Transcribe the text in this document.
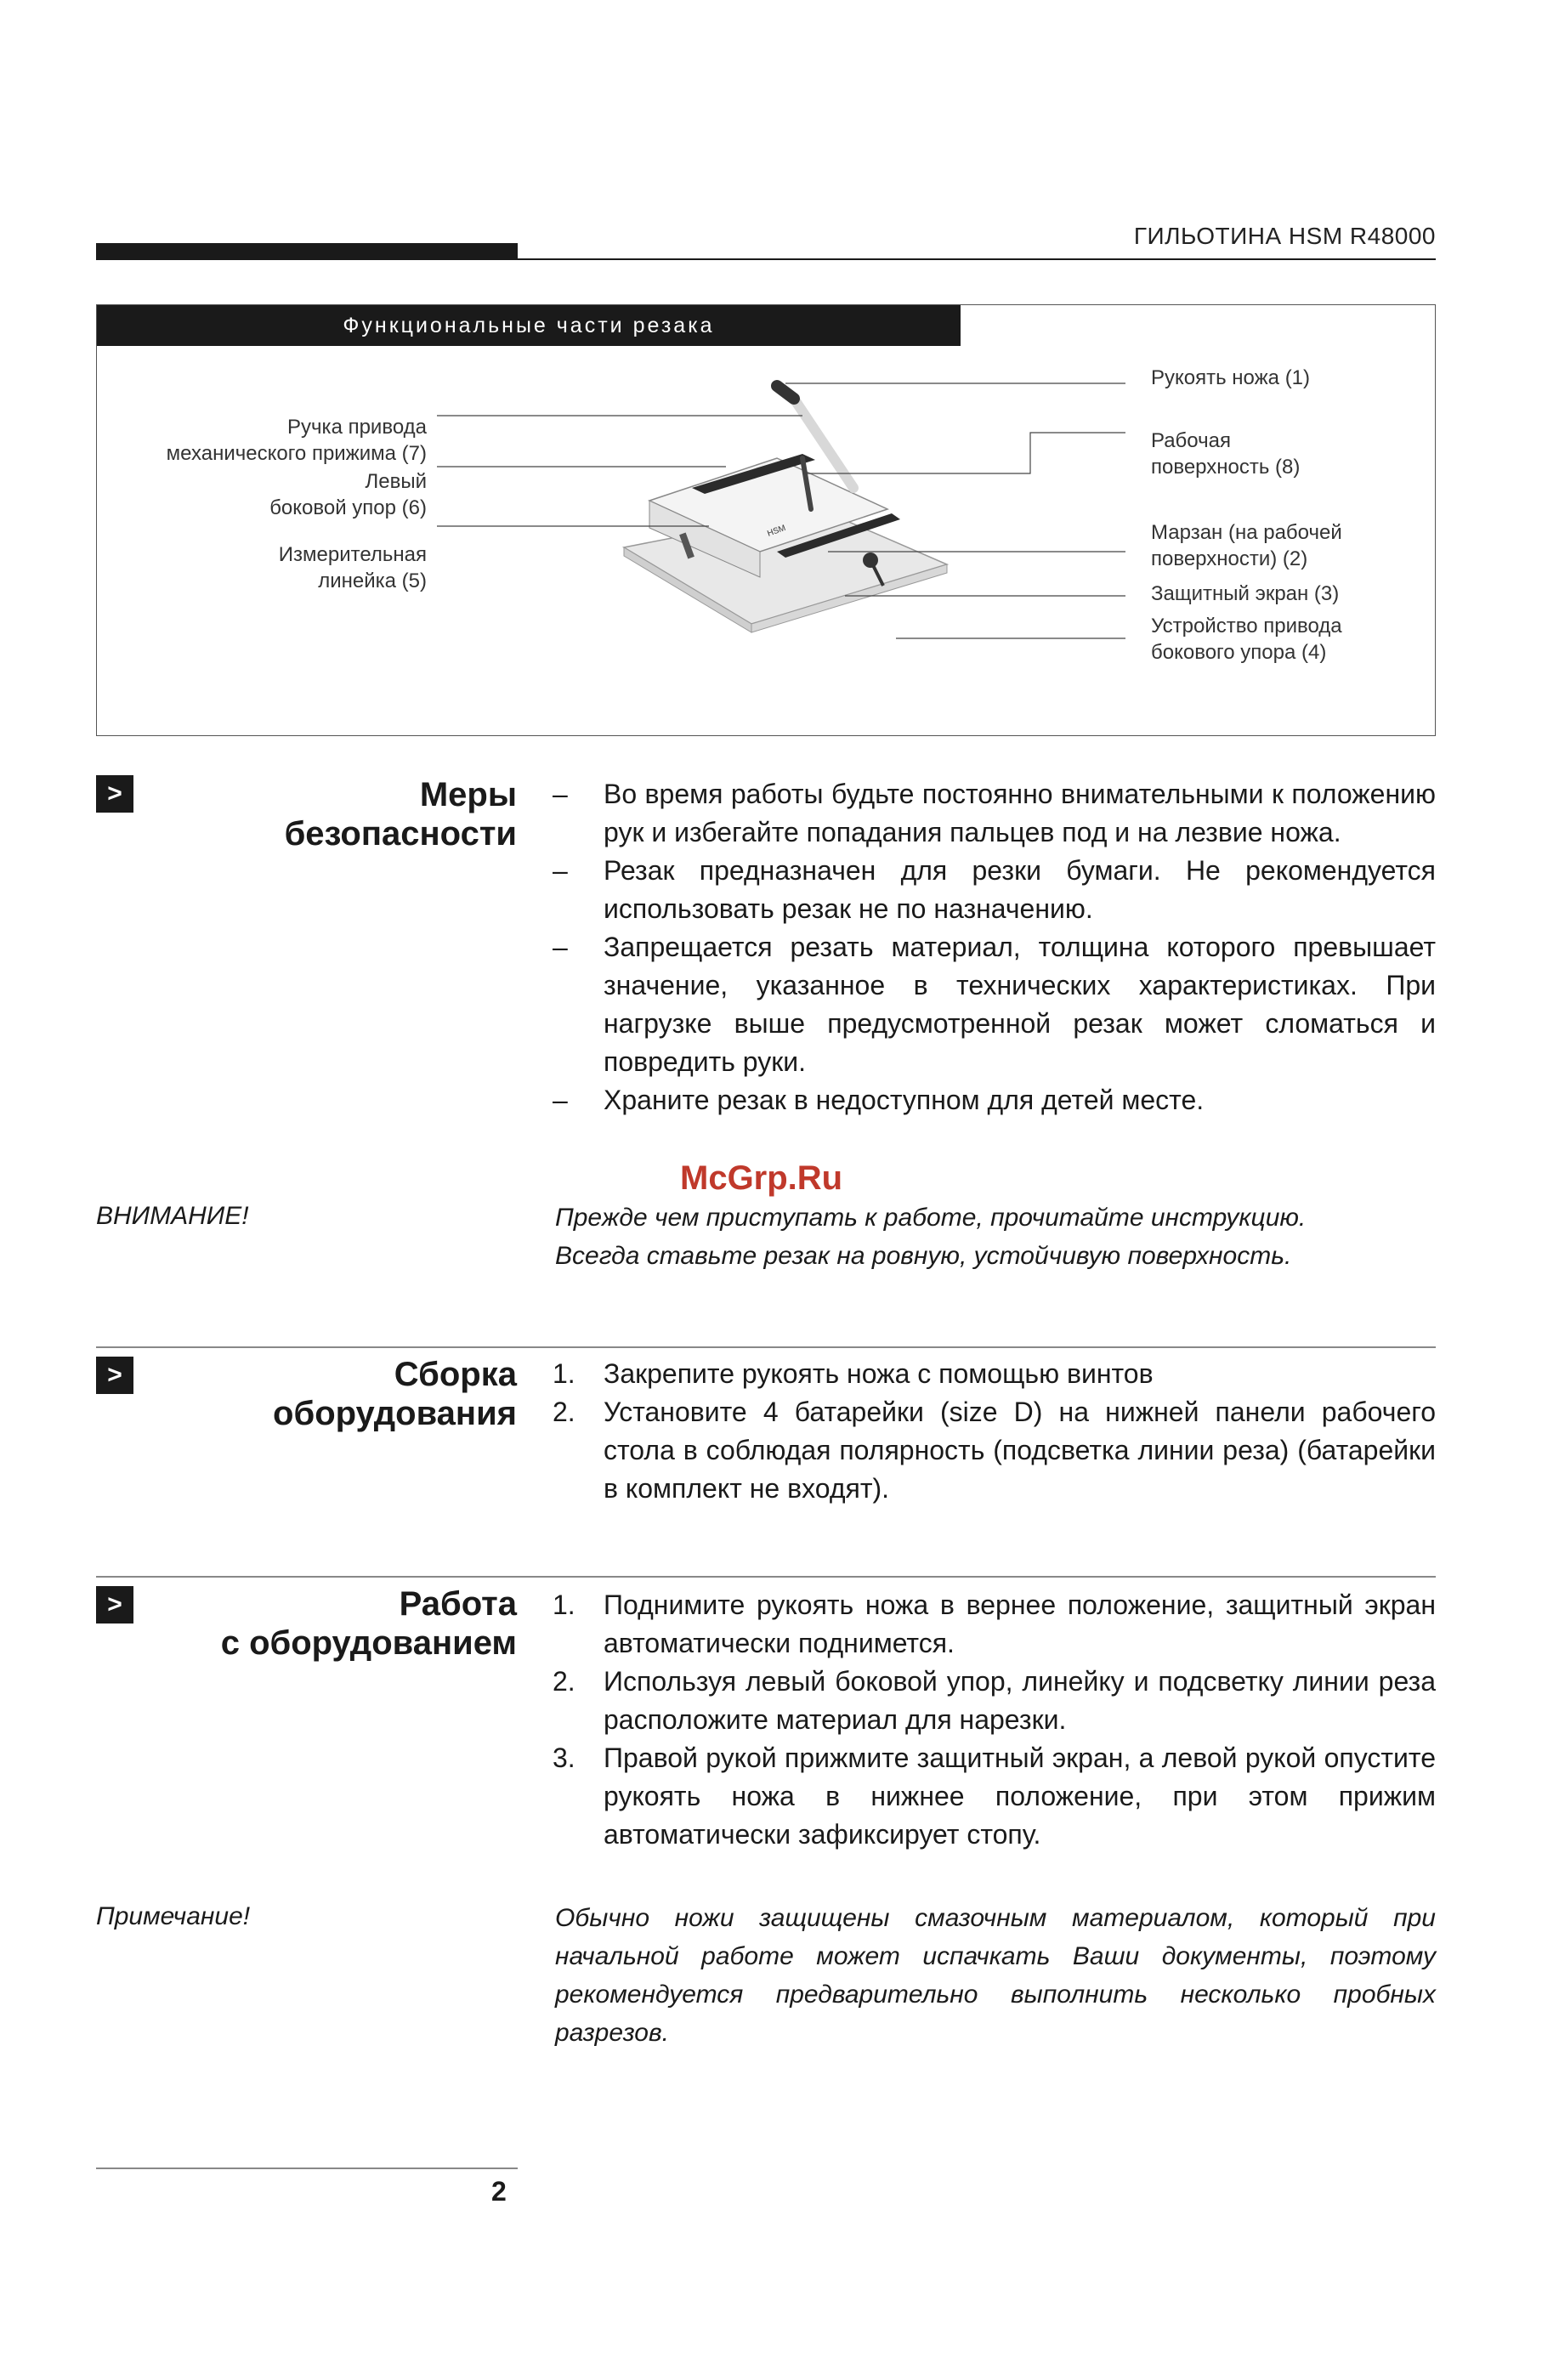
ГИЛЬОТИНА HSM R48000
Функциональные части резака
HSM
Ручка привода
механического прижима (7)
Левый
боковой упор (6)
Измерительная
линейка (5)
Рукоять ножа (1)
Рабочая
поверхность (8)
Марзан (на рабочей
поверхности) (2)
Защитный экран (3)
Устройство привода
бокового упора (4)
>	Меры
безопасности
–	Во время работы будьте постоянно внимательными к положению рук и избегайте попадания пальцев под и на лезвие ножа.
–	Резак предназначен для резки бумаги. Не рекомендуется использовать резак не по назначению.
–	Запрещается резать материал, толщина которого превышает значение, указанное в технических характеристиках. При нагрузке выше предусмотренной резак может сломаться и повредить руки.
–	Храните резак в недоступном для детей месте.
McGrp.Ru
ВНИМАНИЕ!	Прежде чем приступать к работе, прочитайте инструкцию.
Всегда ставьте резак на ровную, устойчивую поверхность.
>	Сборка
оборудования
1.	Закрепите рукоять ножа с помощью винтов
2.	Установите 4 батарейки (size D) на нижней панели рабочего стола в соблюдая полярность (подсветка линии реза) (батарейки в комплект не входят).
>	Работа
с оборудованием
1.	Поднимите рукоять ножа в вернее положение, защитный экран автоматически поднимется.
2.	Используя левый боковой упор, линейку и подсветку линии реза расположите материал для нарезки.
3.	Правой рукой прижмите защитный экран, а левой рукой опустите рукоять ножа в нижнее положение, при этом прижим автоматически зафиксирует стопу.
Примечание!	Обычно ножи защищены смазочным материалом, который при начальной работе может испачкать Ваши документы, поэтому рекомендуется предварительно выполнить несколько пробных разрезов.
2
